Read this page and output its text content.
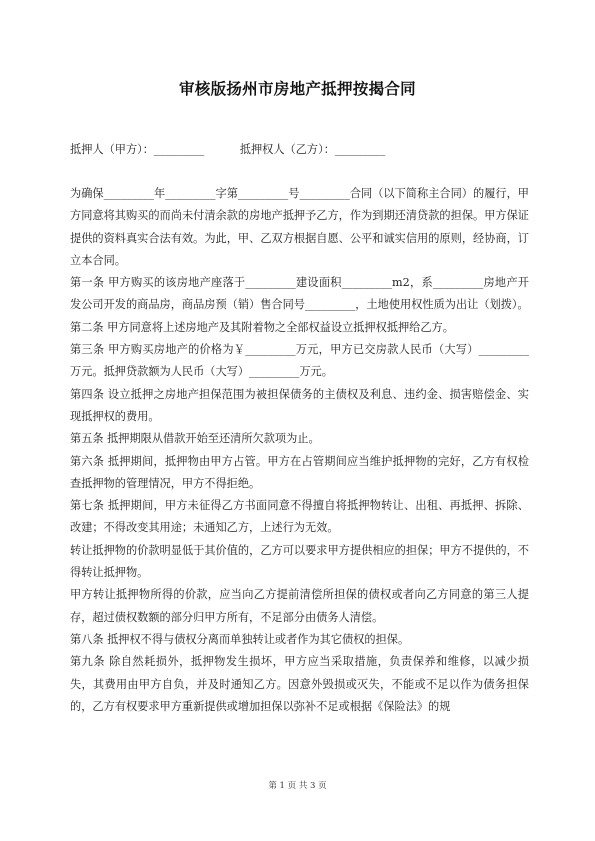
审核版扬州市房地产抵押按揭合同
抵押人（甲方）：_________          抵押权人（乙方）：_________

为确保_________年_________字第_________号_________合同（以下简称主合同）的履行，甲方同意将其购买的而尚未付清余款的房地产抵押予乙方，作为到期还清贷款的担保。甲方保证提供的资料真实合法有效。为此，甲、乙双方根据自愿、公平和诚实信用的原则，经协商，订立本合同。

第一条 甲方购买的该房地产座落于_________建设面积_________m2，系_________房地产开发公司开发的商品房，商品房预（销）售合同号_________，土地使用权性质为出让（划拨）。

第二条 甲方同意将上述房地产及其附着物之全部权益设立抵押权抵押给乙方。

第三条 甲方购买房地产的价格为￥_________万元，甲方已交房款人民币（大写）_________万元。抵押贷款额为人民币（大写）_________万元。

第四条 设立抵押之房地产担保范围为被担保债务的主债权及利息、违约金、损害赔偿金、实现抵押权的费用。

第五条 抵押期限从借款开始至还清所欠款项为止。

第六条 抵押期间，抵押物由甲方占管。甲方在占管期间应当维护抵押物的完好，乙方有权检查抵押物的管理情况，甲方不得拒绝。

第七条 抵押期间，甲方未征得乙方书面同意不得擅自将抵押物转让、出租、再抵押、拆除、改建；不得改变其用途；未通知乙方，上述行为无效。

转让抵押物的价款明显低于其价值的，乙方可以要求甲方提供相应的担保；甲方不提供的，不得转让抵押物。

甲方转让抵押物所得的价款，应当向乙方提前清偿所担保的债权或者向乙方同意的第三人提存，超过债权数额的部分归甲方所有，不足部分由债务人清偿。

第八条 抵押权不得与债权分离而单独转让或者作为其它债权的担保。

第九条 除自然耗损外，抵押物发生损坏，甲方应当采取措施，负责保养和维修，以减少损失，其费用由甲方自负，并及时通知乙方。因意外毁损或灭失，不能或不足以作为债务担保的，乙方有权要求甲方重新提供或增加担保以弥补不足或根据《保险法》的规

第 1 页 共 3 页
